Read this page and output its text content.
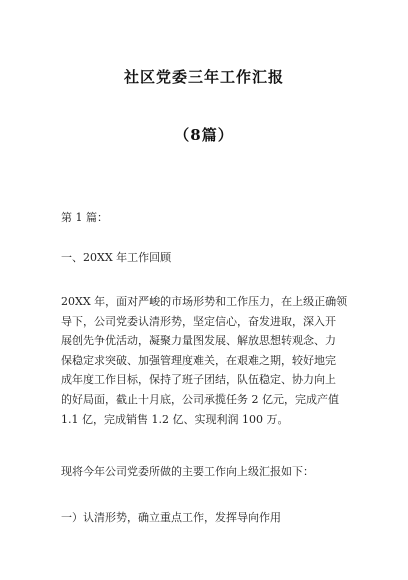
社区党委三年工作汇报
（8篇）
第 1 篇：
一、20XX 年工作回顾
20XX 年，面对严峻的市场形势和工作压力，在上级正确领
导下，公司党委认清形势，坚定信心，奋发进取，深入开
展创先争优活动，凝聚力量图发展、解放思想转观念、力
保稳定求突破、加强管理度难关，在艰难之期，较好地完
成年度工作目标，保持了班子团结，队伍稳定、协力向上
的好局面，截止十月底，公司承揽任务 2 亿元，完成产值
1.1 亿，完成销售 1.2 亿、实现利润 100 万。
现将今年公司党委所做的主要工作向上级汇报如下：
一）认清形势，确立重点工作，发挥导向作用
